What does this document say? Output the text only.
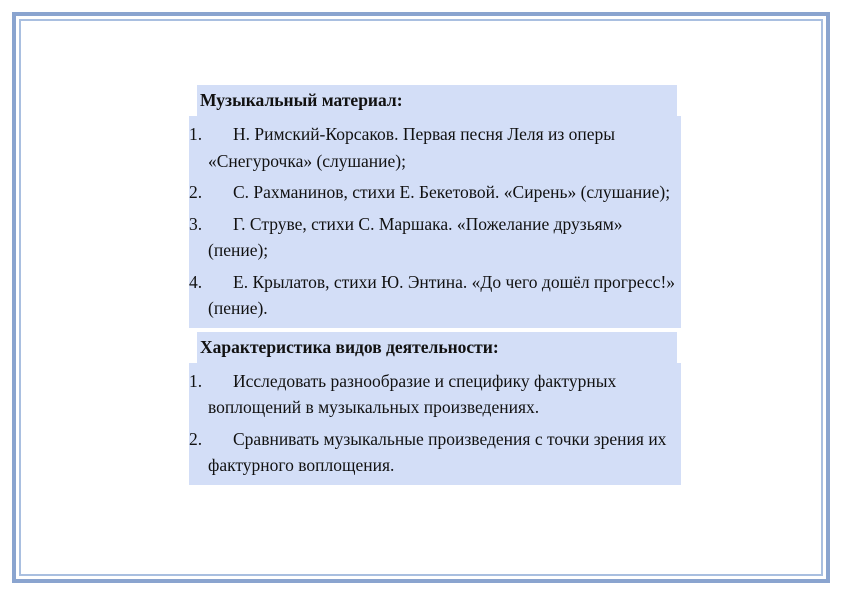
Музыкальный материал:
1. Н. Римский-Корсаков. Первая песня Леля из оперы «Снегурочка» (слушание);
2. С. Рахманинов, стихи Е. Бекетовой. «Сирень» (слушание);
3. Г. Струве, стихи С. Маршака. «Пожелание друзьям» (пение);
4. Е. Крылатов, стихи Ю. Энтина. «До чего дошёл прогресс!» (пение).
Характеристика видов деятельности:
1. Исследовать разнообразие и специфику фактурных воплощений в музыкальных произведениях.
2. Сравнивать музыкальные произведения с точки зрения их фактурного воплощения.
